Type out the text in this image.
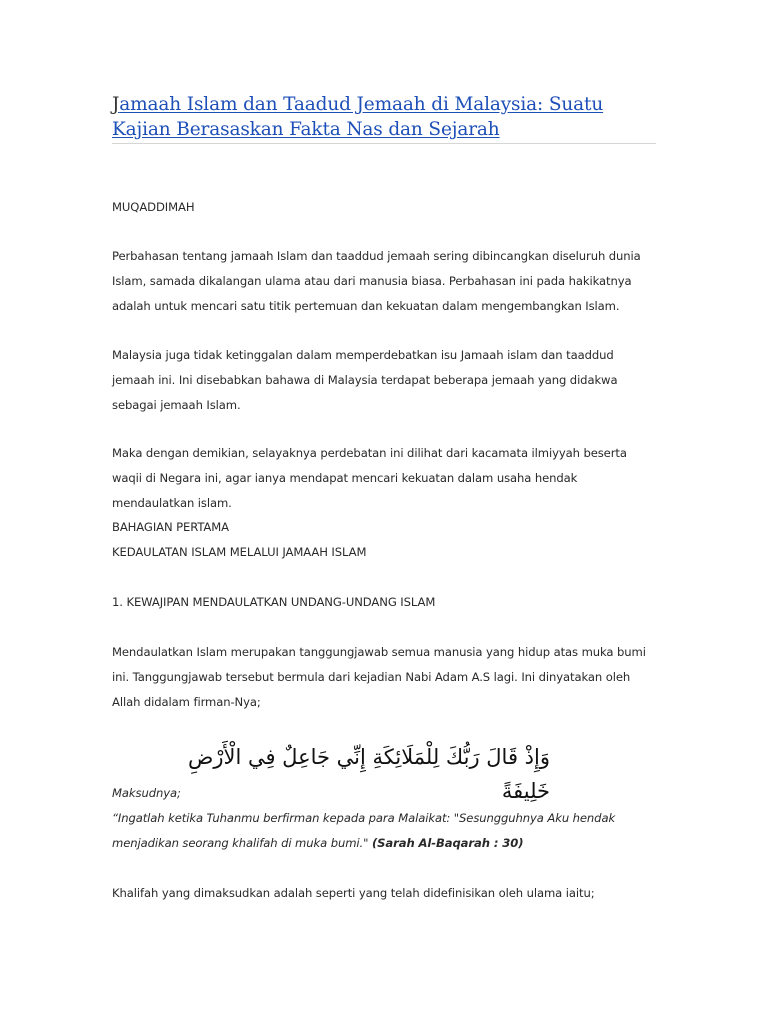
Jamaah Islam dan Taadud Jemaah di Malaysia: Suatu Kajian Berasaskan Fakta Nas dan Sejarah

MUQADDIMAH

Perbahasan tentang jamaah Islam dan taaddud jemaah sering dibincangkan diseluruh dunia Islam, samada dikalangan ulama atau dari manusia biasa. Perbahasan ini pada hakikatnya adalah untuk mencari satu titik pertemuan dan kekuatan dalam mengembangkan Islam.

Malaysia juga tidak ketinggalan dalam memperdebatkan isu Jamaah islam dan taaddud jemaah ini. Ini disebabkan bahawa di Malaysia terdapat beberapa jemaah yang didakwa sebagai jemaah Islam.

Maka dengan demikian, selayaknya perdebatan ini dilihat dari kacamata ilmiyyah beserta waqii di Negara ini, agar ianya mendapat mencari kekuatan dalam usaha hendak mendaulatkan islam.

BAHAGIAN PERTAMA

KEDAULATAN ISLAM MELALUI JAMAAH ISLAM

1. KEWAJIPAN MENDAULATKAN UNDANG-UNDANG ISLAM

Mendaulatkan Islam merupakan tanggungjawab semua manusia yang hidup atas muka bumi ini. Tanggungjawab tersebut bermula dari kejadian Nabi Adam A.S lagi. Ini dinyatakan oleh Allah didalam firman-Nya;

Maksudnya;

“Ingatlah ketika Tuhanmu berfirman kepada para Malaikat: "Sesungguhnya Aku hendak menjadikan seorang khalifah di muka bumi." (Sarah Al-Baqarah : 30)

Khalifah yang dimaksudkan adalah seperti yang telah didefinisikan oleh ulama iaitu;

وَإِذْ قَالَ رَبُّكَ لِلْمَلَائِكَةِ إِنِّي جَاعِلٌ فِي الْأَرْضِ خَلِيفَةً
